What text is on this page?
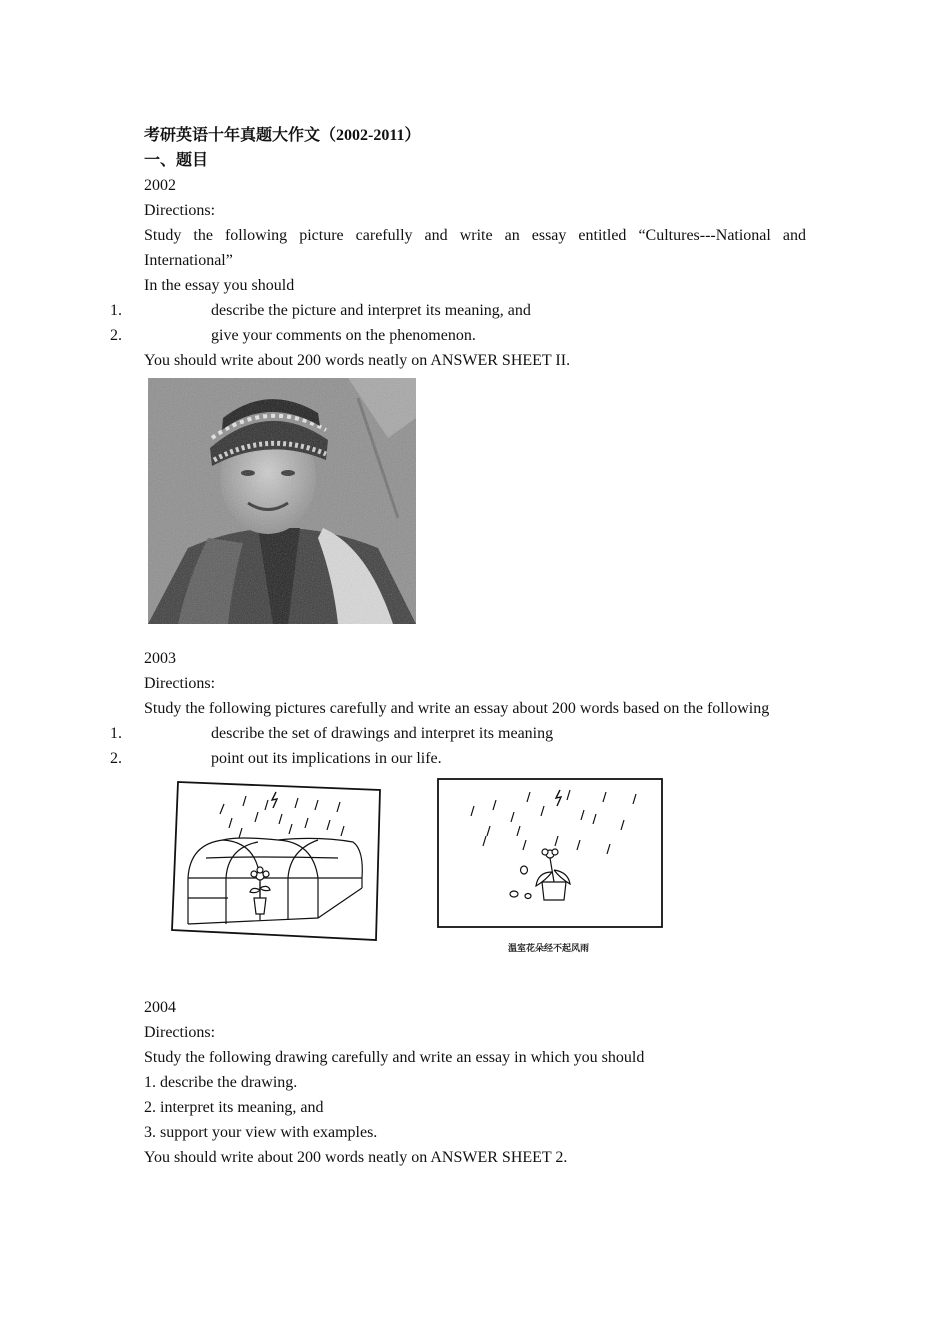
考研英语十年真题大作文（2002-2011）
一、题目
2002
Directions:
Study the following picture carefully and write an essay entitled “Cultures---National and
International”
In the essay you should
1.	describe the picture and interpret its meaning, and
2.	give your comments on the phenomenon.
You should write about 200 words neatly on ANSWER SHEET II.
2003
Directions:
Study the following pictures carefully and write an essay about 200 words based on the following
1.	describe the set of drawings and interpret its meaning
2.	point out its implications in our life.
温室花朵经不起风雨
2004
Directions:
Study the following drawing carefully and write an essay in which you should
1. describe the drawing.
2. interpret its meaning, and
3. support your view with examples.
You should write about 200 words neatly on ANSWER SHEET 2.
